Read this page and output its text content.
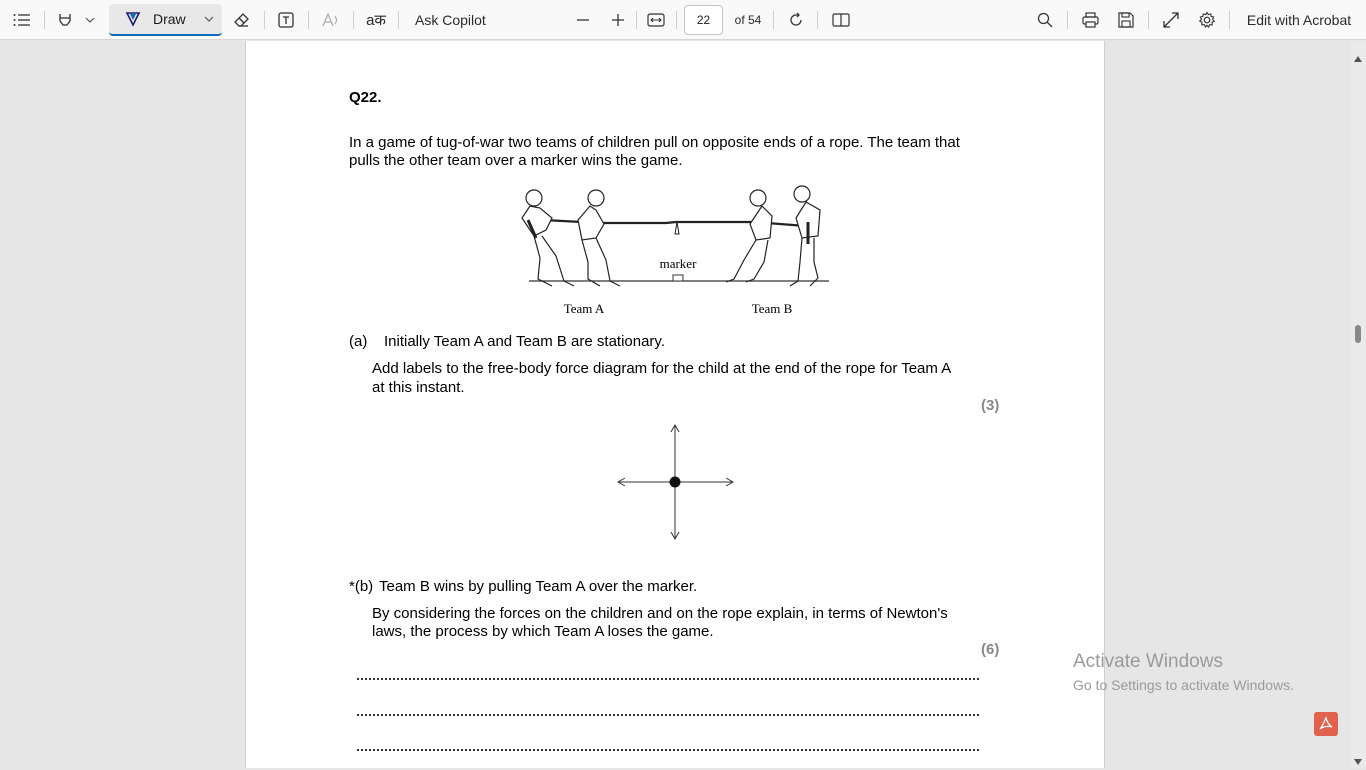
Draw	aक Ask Copilot	22	of 54	Edit with Acrobat
Q22.
In a game of tug-of-war two teams of children pull on opposite ends of a rope. The team that
pulls the other team over a marker wins the game.
marker
Team A	Team B
(a) Initially Team A and Team B are stationary.
Add labels to the free-body force diagram for the child at the end of the rope for Team A
at this instant.
(3)
*(b) Team B wins by pulling Team A over the marker.
By considering the forces on the children and on the rope explain, in terms of Newton's
laws, the process by which Team A loses the game.
(6)
Activate Windows
Go to Settings to activate Windows.
